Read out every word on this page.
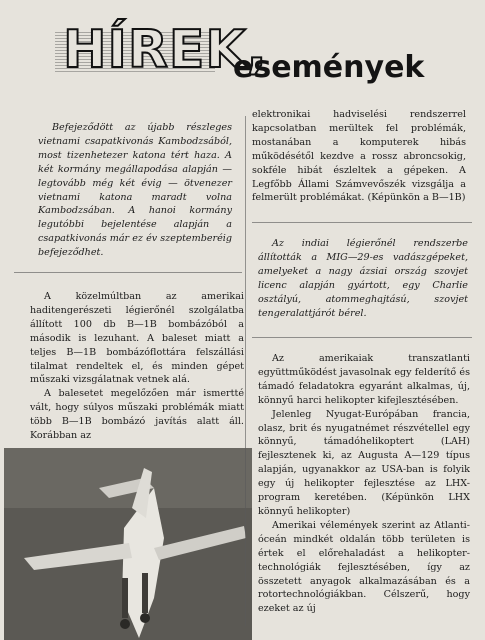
HÍREK,
események

Befejeződött az újabb részleges vietnami csapatkivonás Kambodzsából, most tizenhetezer katona tért haza. A két kormány megállapodása alapján — legtovább még két évig — ötvenezer vietnami katona maradt volna Kambodzsában. A hanoi kormány legutóbbi bejelentése alapján a csapatkivonás már ez év szeptemberéig befejeződhet.

A közelmúltban az amerikai haditengerészeti légierőnél szolgálatba állított 100 db B—1B bombázóból a második is lezuhant. A baleset miatt a teljes B—1B bombázóflottára felszállási tilalmat rendeltek el, és minden gépet műszaki vizsgálatnak vetnek alá.

A balesetet megelőzően már ismertté vált, hogy súlyos műszaki problémák miatt több B—1B bombázó javítás alatt áll. Korábban az

elektronikai hadviselési rendszerrel kapcsolatban merültek fel problémák, mostanában a komputerek hibás működésétől kezdve a rossz abroncsokig, sokféle hibát észleltek a gépeken. A Legfőbb Állami Számvevőszék vizsgálja a felmerült problémákat. (Képünkön a B—1B)

Az indiai légierőnél rendszerbe állították a MIG—29-es vadászgépeket, amelyeket a nagy ázsiai ország szovjet licenc alapján gyártott, egy Charlie osztályú, atommeghajtású, szovjet tengeralattjárót bérel.

Az amerikaiak transzatlanti együttműködést javasolnak egy felderítő és támadó feladatokra egyaránt alkalmas, új, könnyű harci helikopter kifejlesztésében.

Jelenleg Nyugat-Európában francia, olasz, brit és nyugatnémet részvétellel egy könnyű, támadóhelikoptert (LAH) fejlesztenek ki, az Augusta A—129 típus alapján, ugyanakkor az USA-ban is folyik egy új helikopter fejlesztése az LHX-program keretében. (Képünkön LHX könnyű helikopter)

Amerikai vélemények szerint az Atlanti-óceán mindkét oldalán több területen is értek el előrehaladást a helikopter-technológiák fejlesztésében, így az összetett anyagok alkalmazásában és a rotortechnológiákban. Célszerű, hogy ezeket az új
